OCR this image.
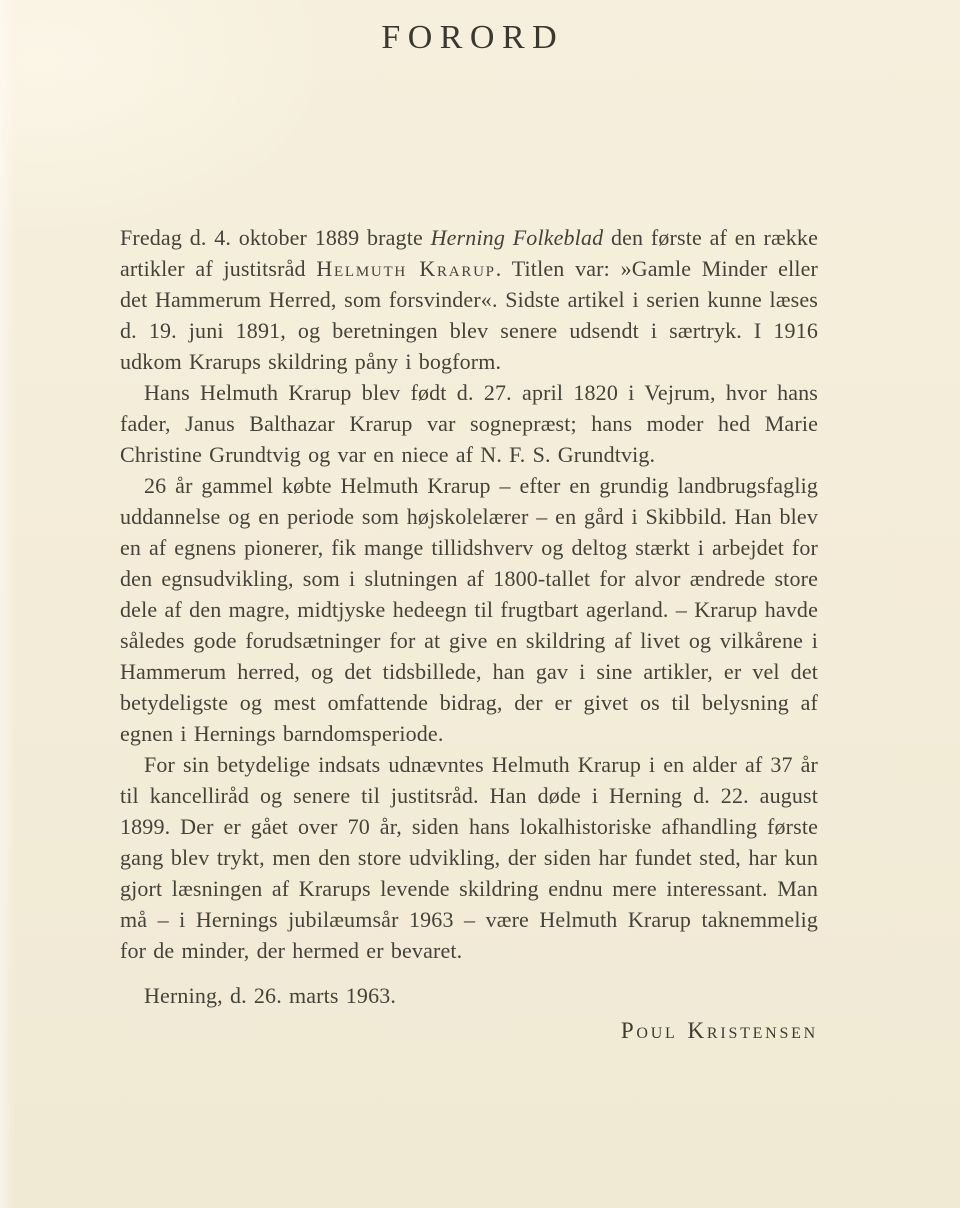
FORORD

Fredag d. 4. oktober 1889 bragte Herning Folkeblad den første af en række artikler af justitsråd Helmuth Krarup. Titlen var: »Gamle Minder eller det Hammerum Herred, som forsvinder«. Sidste artikel i serien kunne læses d. 19. juni 1891, og beretningen blev senere udsendt i særtryk. I 1916 udkom Krarups skildring påny i bogform.

Hans Helmuth Krarup blev født d. 27. april 1820 i Vejrum, hvor hans fader, Janus Balthazar Krarup var sognepræst; hans moder hed Marie Christine Grundtvig og var en niece af N. F. S. Grundtvig.

26 år gammel købte Helmuth Krarup – efter en grundig landbrugsfaglig uddannelse og en periode som højskolelærer – en gård i Skibbild. Han blev en af egnens pionerer, fik mange tillidshverv og deltog stærkt i arbejdet for den egnsudvikling, som i slutningen af 1800-tallet for alvor ændrede store dele af den magre, midtjyske hedeegn til frugtbart agerland. – Krarup havde således gode forudsætninger for at give en skildring af livet og vilkårene i Hammerum herred, og det tidsbillede, han gav i sine artikler, er vel det betydeligste og mest omfattende bidrag, der er givet os til belysning af egnen i Hernings barndomsperiode.

For sin betydelige indsats udnævntes Helmuth Krarup i en alder af 37 år til kancelliråd og senere til justitsråd. Han døde i Herning d. 22. august 1899. Der er gået over 70 år, siden hans lokalhistoriske afhandling første gang blev trykt, men den store udvikling, der siden har fundet sted, har kun gjort læsningen af Krarups levende skildring endnu mere interessant. Man må – i Hernings jubilæumsår 1963 – være Helmuth Krarup taknemmelig for de minder, der hermed er bevaret.

Herning, d. 26. marts 1963.

Poul Kristensen
